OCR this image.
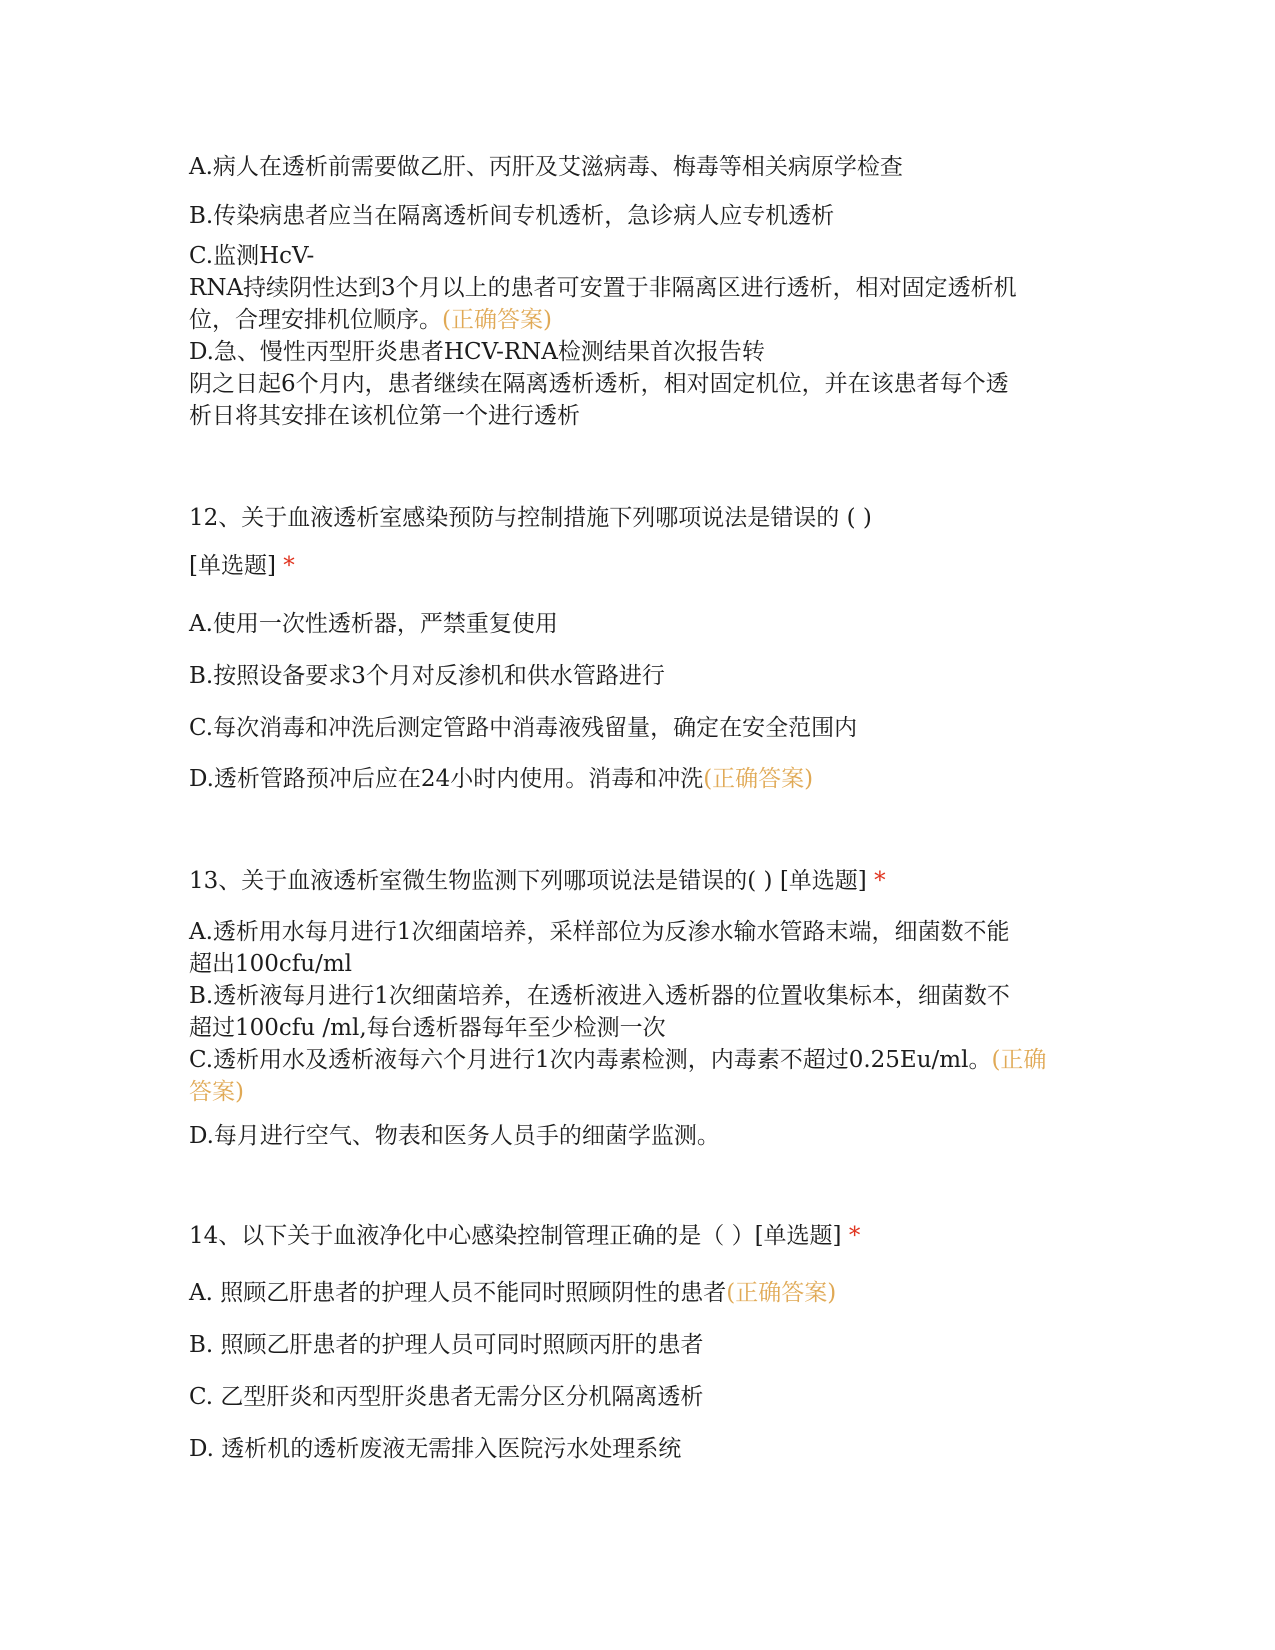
A.病人在透析前需要做乙肝、丙肝及艾滋病毒、梅毒等相关病原学检查

B.传染病患者应当在隔离透析间专机透析，急诊病人应专机透析

C.监测HcV-

RNA持续阴性达到3个月以上的患者可安置于非隔离区进行透析，相对固定透析机

位，合理安排机位顺序。(正确答案)

D.急、慢性丙型肝炎患者HCV-RNA检测结果首次报告转

阴之日起6个月内，患者继续在隔离透析透析，相对固定机位，并在该患者每个透

析日将其安排在该机位第一个进行透析

12、关于血液透析室感染预防与控制措施下列哪项说法是错误的 ( )

[单选题] *

A.使用一次性透析器，严禁重复使用

B.按照设备要求3个月对反渗机和供水管路进行

C.每次消毒和冲洗后测定管路中消毒液残留量，确定在安全范围内

D.透析管路预冲后应在24小时内使用。消毒和冲洗(正确答案)

13、关于血液透析室微生物监测下列哪项说法是错误的( ) [单选题] *

A.透析用水每月进行1次细菌培养，采样部位为反渗水输水管路末端，细菌数不能

超出100cfu/ml

B.透析液每月进行1次细菌培养，在透析液进入透析器的位置收集标本，细菌数不

超过100cfu /ml,每台透析器每年至少检测一次

C.透析用水及透析液每六个月进行1次内毒素检测，内毒素不超过0.25Eu/ml。(正确

答案)

D.每月进行空气、物表和医务人员手的细菌学监测。

14、以下关于血液净化中心感染控制管理正确的是（ ）[单选题] *

A. 照顾乙肝患者的护理人员不能同时照顾阴性的患者(正确答案)

B. 照顾乙肝患者的护理人员可同时照顾丙肝的患者

C. 乙型肝炎和丙型肝炎患者无需分区分机隔离透析

D. 透析机的透析废液无需排入医院污水处理系统
